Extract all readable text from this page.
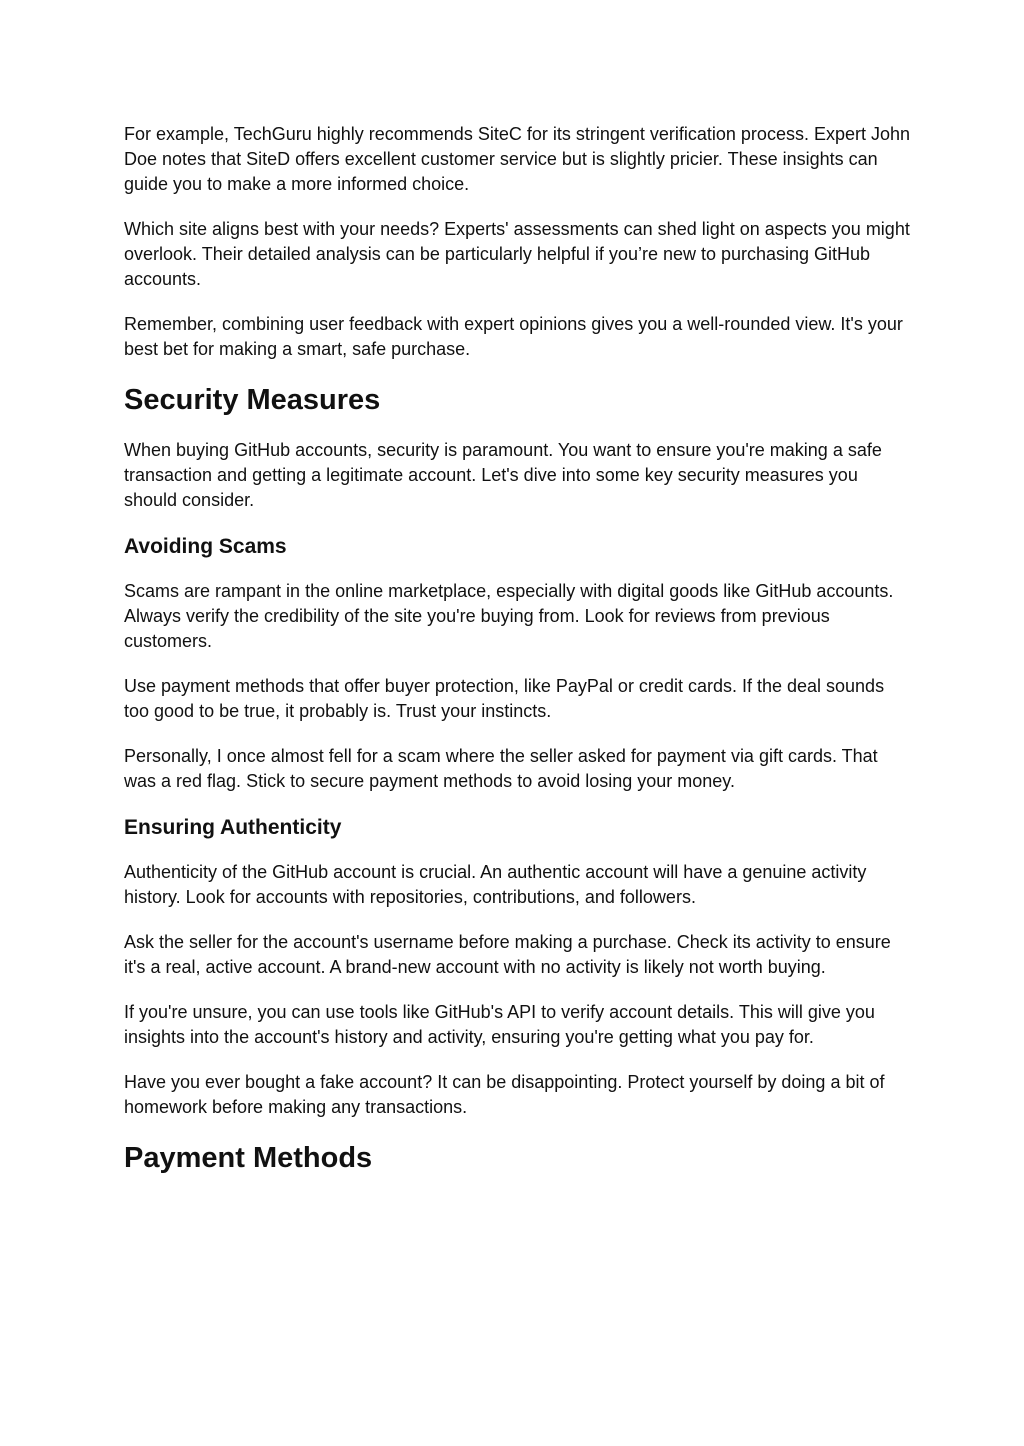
For example, TechGuru highly recommends SiteC for its stringent verification process. Expert John Doe notes that SiteD offers excellent customer service but is slightly pricier. These insights can guide you to make a more informed choice.

Which site aligns best with your needs? Experts' assessments can shed light on aspects you might overlook. Their detailed analysis can be particularly helpful if you’re new to purchasing GitHub accounts.

Remember, combining user feedback with expert opinions gives you a well-rounded view. It's your best bet for making a smart, safe purchase.

Security Measures

When buying GitHub accounts, security is paramount. You want to ensure you're making a safe transaction and getting a legitimate account. Let's dive into some key security measures you should consider.

Avoiding Scams

Scams are rampant in the online marketplace, especially with digital goods like GitHub accounts. Always verify the credibility of the site you're buying from. Look for reviews from previous customers.

Use payment methods that offer buyer protection, like PayPal or credit cards. If the deal sounds too good to be true, it probably is. Trust your instincts.

Personally, I once almost fell for a scam where the seller asked for payment via gift cards. That was a red flag. Stick to secure payment methods to avoid losing your money.

Ensuring Authenticity

Authenticity of the GitHub account is crucial. An authentic account will have a genuine activity history. Look for accounts with repositories, contributions, and followers.

Ask the seller for the account's username before making a purchase. Check its activity to ensure it's a real, active account. A brand-new account with no activity is likely not worth buying.

If you're unsure, you can use tools like GitHub's API to verify account details. This will give you insights into the account's history and activity, ensuring you're getting what you pay for.

Have you ever bought a fake account? It can be disappointing. Protect yourself by doing a bit of homework before making any transactions.

Payment Methods
